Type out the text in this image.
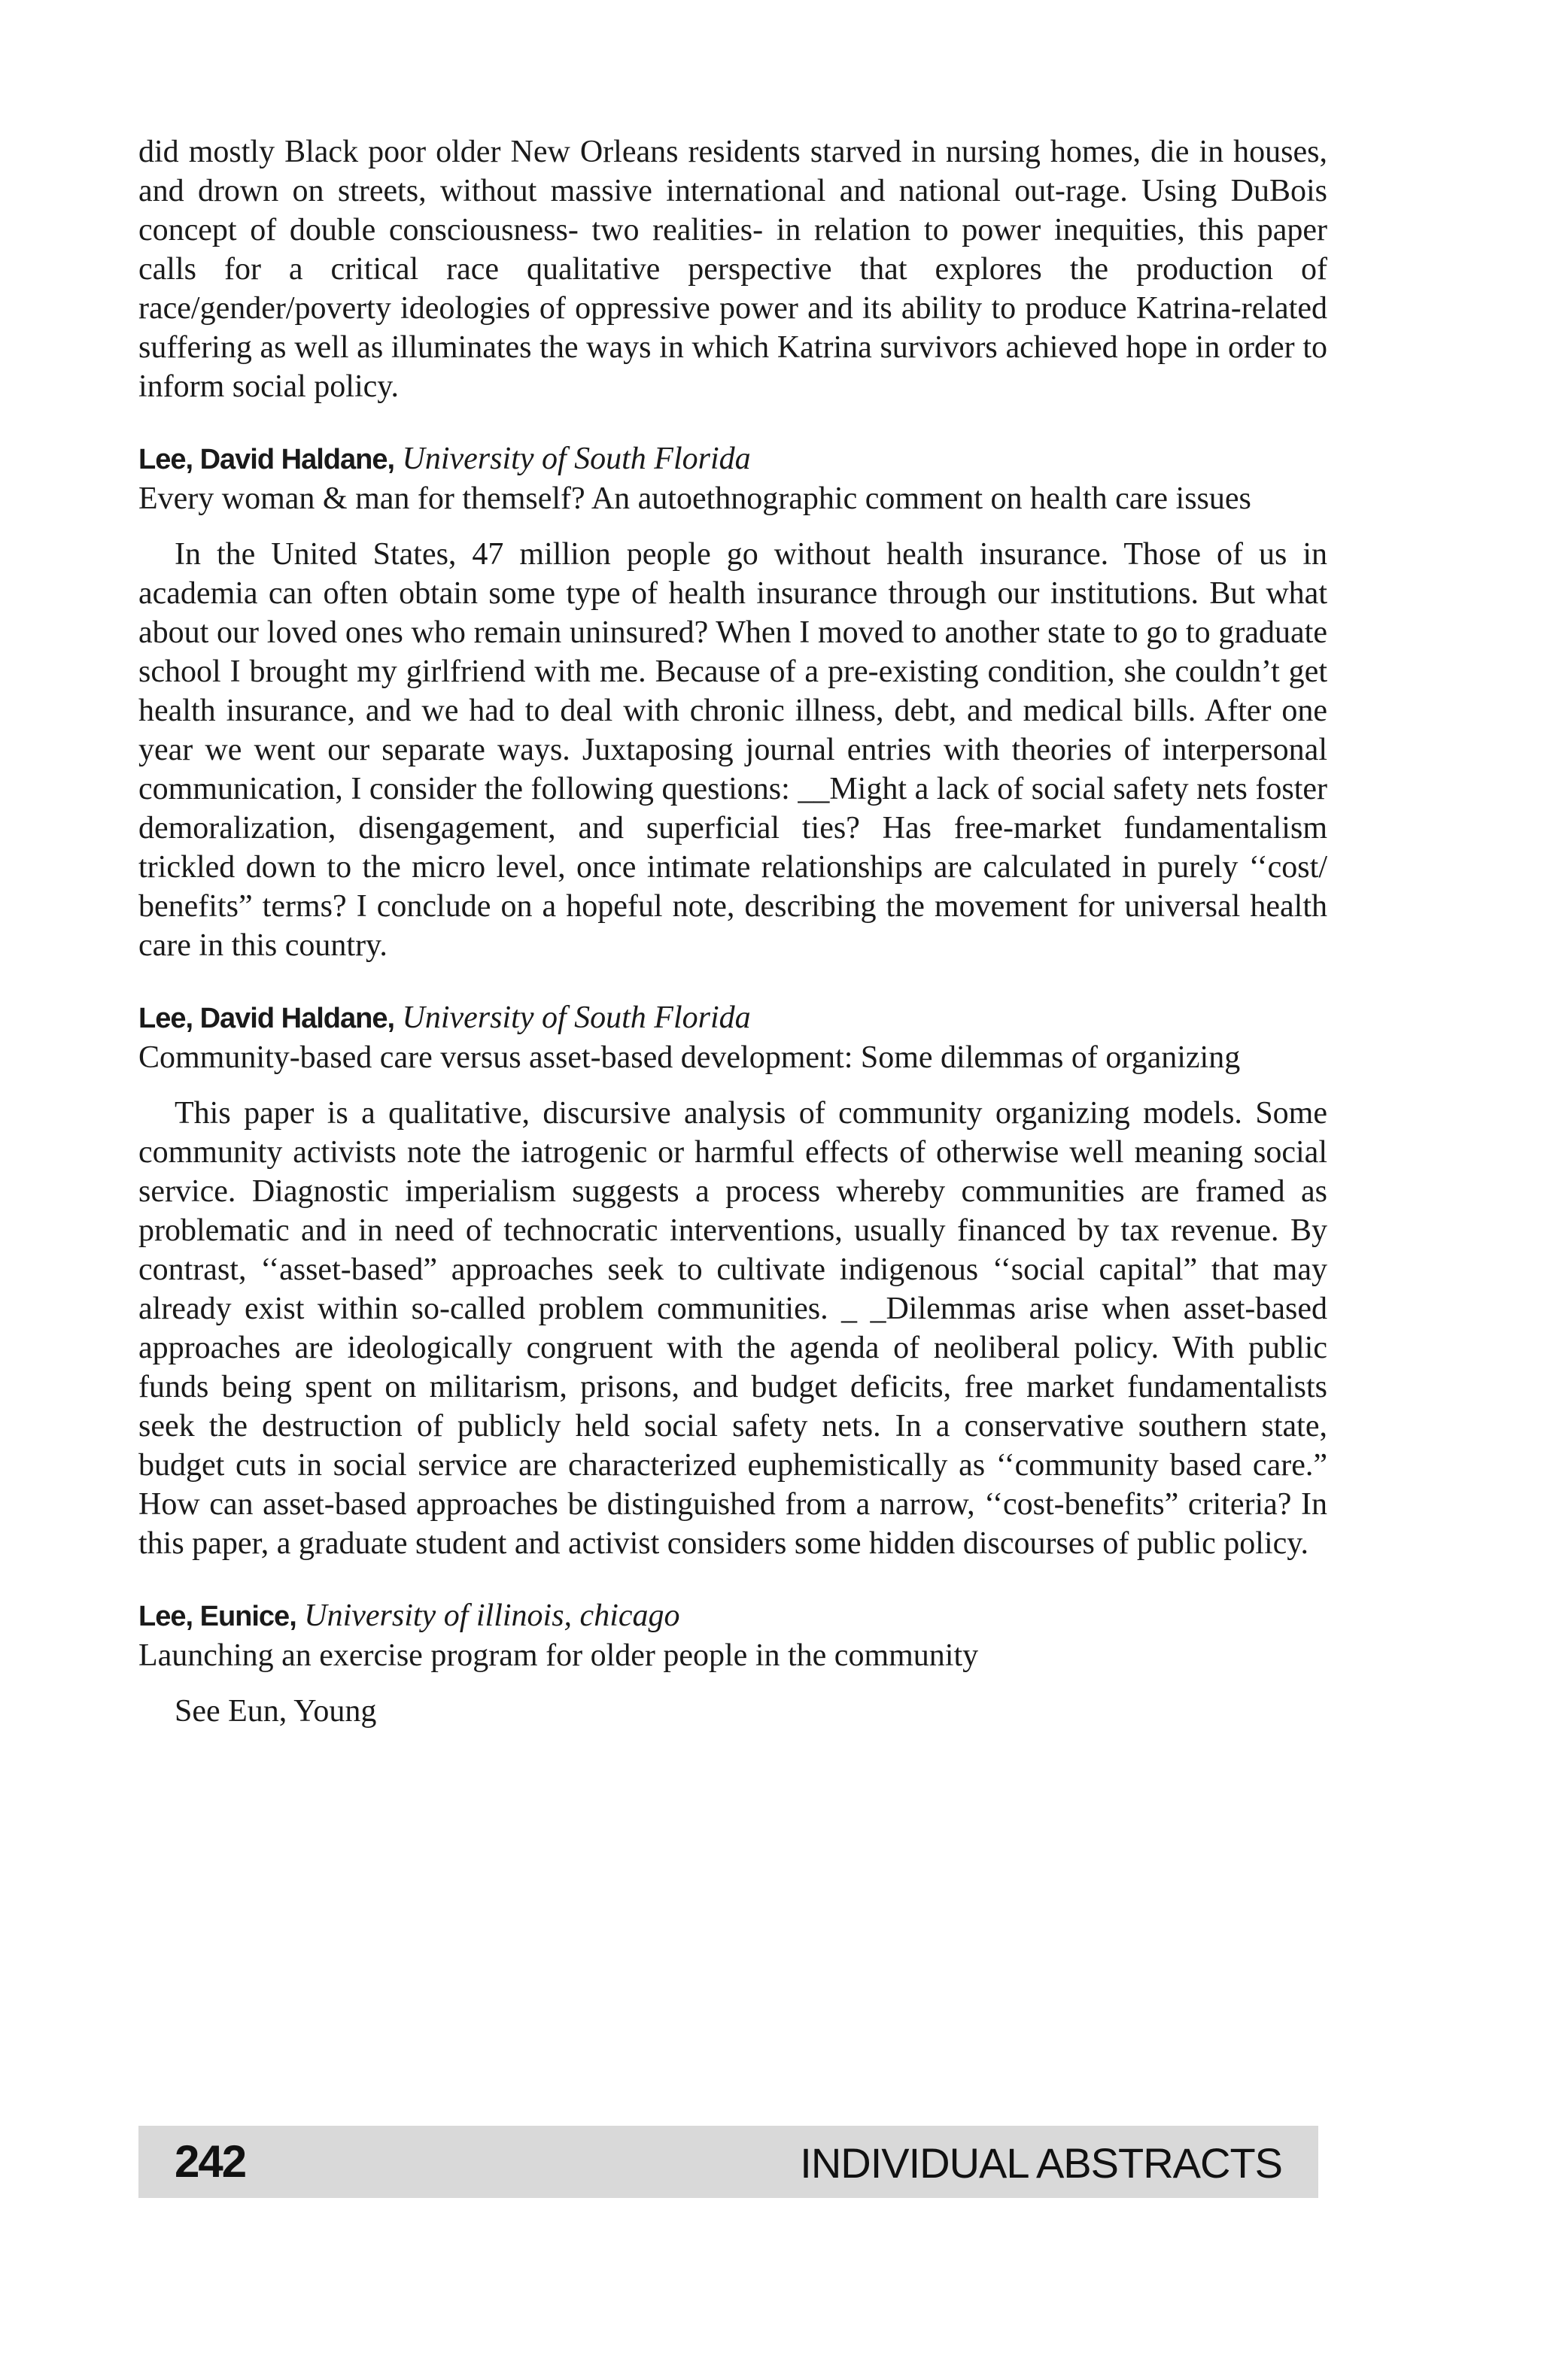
did mostly Black poor older New Orleans residents starved in nursing homes, die in houses, and drown on streets, without massive international and national out-rage. Using DuBois concept of double consciousness- two realities- in relation to power inequities, this paper calls for a critical race qualitative perspective that explores the production of race/gender/poverty ideologies of oppressive power and its ability to produce Katrina-related suffering as well as illuminates the ways in which Katrina survivors achieved hope in order to inform social policy.

Lee, David Haldane, University of South Florida

Every woman & man for themself? An autoethnographic comment on health care issues

In the United States, 47 million people go without health insurance. Those of us in academia can often obtain some type of health insurance through our institutions. But what about our loved ones who remain uninsured? When I moved to another state to go to graduate school I brought my girlfriend with me. Because of a pre-existing condition, she couldn’t get health insurance, and we had to deal with chronic illness, debt, and medical bills. After one year we went our separate ways. Juxtaposing journal entries with theories of interpersonal communication, I consider the following questions: __Might a lack of social safety nets foster demoralization, disengagement, and superficial ties? Has free-market fundamentalism trickled down to the micro level, once intimate relationships are calculated in purely ‘‘cost/ benefits” terms? I conclude on a hopeful note, describing the movement for universal health care in this country.

Lee, David Haldane, University of South Florida

Community-based care versus asset-based development: Some dilemmas of organizing

This paper is a qualitative, discursive analysis of community organizing models. Some community activists note the iatrogenic or harmful effects of otherwise well meaning social service. Diagnostic imperialism suggests a process whereby communities are framed as problematic and in need of technocratic interventions, usually financed by tax revenue. By contrast, ‘‘asset-based” approaches seek to cultivate indigenous ‘‘social capital” that may already exist within so-called problem communities. _ _Dilemmas arise when asset-based approaches are ideologically congruent with the agenda of neoliberal policy. With public funds being spent on militarism, prisons, and budget deficits, free market fundamentalists seek the destruction of publicly held social safety nets. In a conservative southern state, budget cuts in social service are characterized euphemistically as ‘‘community based care.” How can asset-based approaches be distinguished from a narrow, ‘‘cost-benefits” criteria? In this paper, a graduate student and activist considers some hidden discourses of public policy.

Lee, Eunice, University of illinois, chicago

Launching an exercise program for older people in the community

See Eun, Young

242	INDIVIDUAL ABSTRACTS
